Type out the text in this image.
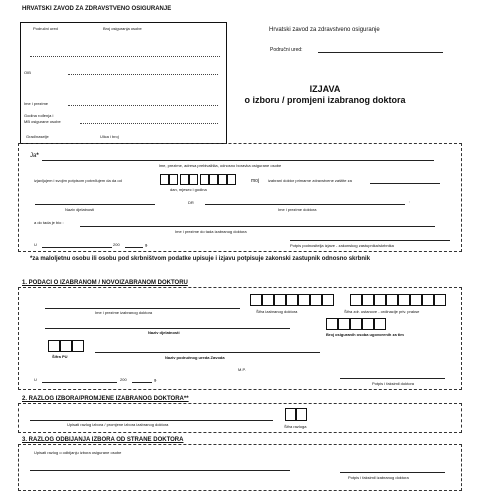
HRVATSKI ZAVOD ZA ZDRAVSTVENO OSIGURANJE
Područni ured	Broj osiguranja osobe
OIB
Ime i prezime
Godina rođenja i
MB osigurane osobe
Grad/naselje	Ulica i broj
Hrvatski zavod za zdravstveno osiguranje
Područni ured:
IZJAVA
o izboru / promjeni izabranog doktora
Ja*
Ime, prezime, adresa prebivališta, odnosno boravka osigurane osobe
izjavljujem i svojim potpisom potvrđujem da da od
dan, mjesec i godina
moj izabrani doktor primarne zdravstvene zaštite za
DR	,
Naziv djelatnosti	Ime i prezime doktora
a do tada je bio :
Ime i prezime do tada izabranog doktora
U	200	g.	Potpis podnositelja izjave - zakonskog zastupnika/skrbnika
*za maloljetnu osobu ili osobu pod skrbništvom podatke upisuje i izjavu potpisuje zakonski zastupnik odnosno skrbnik
1. PODACI O IZABRANOM / NOVOIZABRANOM DOKTORU
Ime i prezime izabranog doktora	Šifra izabranog doktora	Šifra zdr. ustanove - ordinacije priv. prakse
Naziv djelatnosti	Broj osiguranih osoba ugovorenih za tim
Šifra PU	Naziv područnog ureda Zavoda
M.P.
U	200	g.
Potpis i faksimil doktora
2. RAZLOG IZBORA/PROMJENE IZABRANOG DOKTORA**
Upisati razlog izbora / promjene izbora izabranog doktora	Šifra razloga
3. RAZLOG ODBIJANJA IZBORA OD STRANE DOKTORA
Upisati razlog o odbijanju izbora osigurane osobe
Potpis i faksimil izabranog doktora
